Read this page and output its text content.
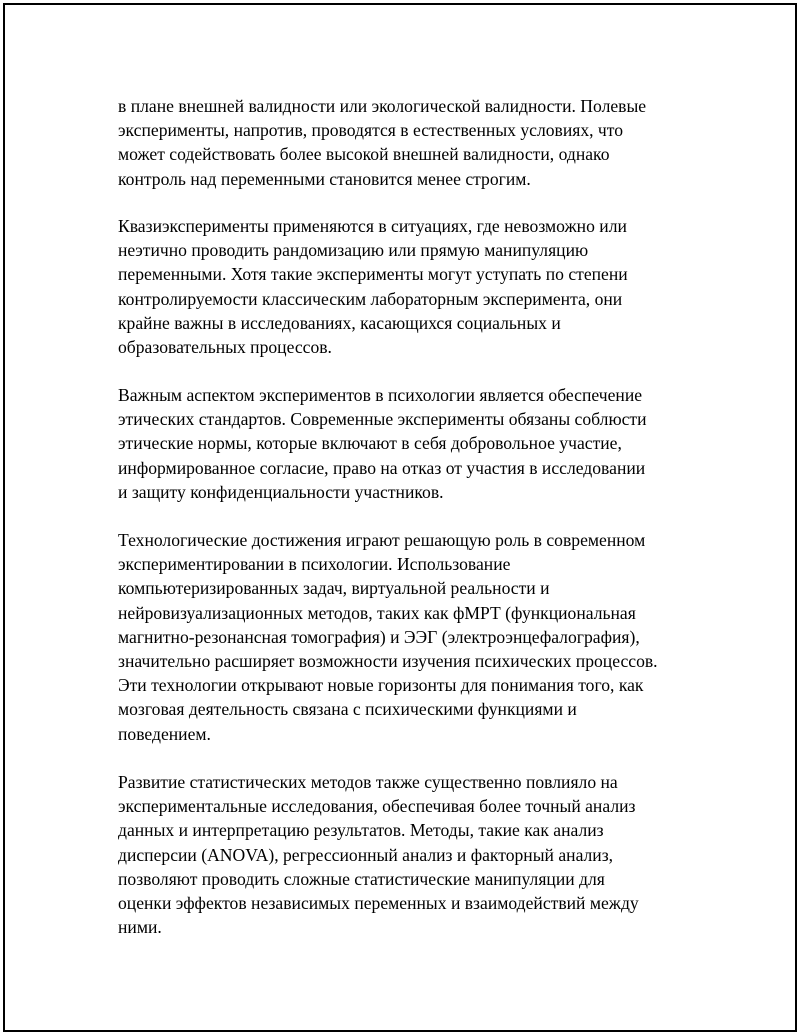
в плане внешней валидности или экологической валидности. Полевые
эксперименты, напротив, проводятся в естественных условиях, что
может содействовать более высокой внешней валидности, однако
контроль над переменными становится менее строгим.
Квазиэксперименты применяются в ситуациях, где невозможно или
неэтично проводить рандомизацию или прямую манипуляцию
переменными. Хотя такие эксперименты могут уступать по степени
контролируемости классическим лабораторным эксперимента, они
крайне важны в исследованиях, касающихся социальных и
образовательных процессов.
Важным аспектом экспериментов в психологии является обеспечение
этических стандартов. Современные эксперименты обязаны соблюсти
этические нормы, которые включают в себя добровольное участие,
информированное согласие, право на отказ от участия в исследовании
и защиту конфиденциальности участников.
Технологические достижения играют решающую роль в современном
экспериментировании в психологии. Использование
компьютеризированных задач, виртуальной реальности и
нейровизуализационных методов, таких как фМРТ (функциональная
магнитно-резонансная томография) и ЭЭГ (электроэнцефалография),
значительно расширяет возможности изучения психических процессов.
Эти технологии открывают новые горизонты для понимания того, как
мозговая деятельность связана с психическими функциями и
поведением.
Развитие статистических методов также существенно повлияло на
экспериментальные исследования, обеспечивая более точный анализ
данных и интерпретацию результатов. Методы, такие как анализ
дисперсии (ANOVA), регрессионный анализ и факторный анализ,
позволяют проводить сложные статистические манипуляции для
оценки эффектов независимых переменных и взаимодействий между
ними.
